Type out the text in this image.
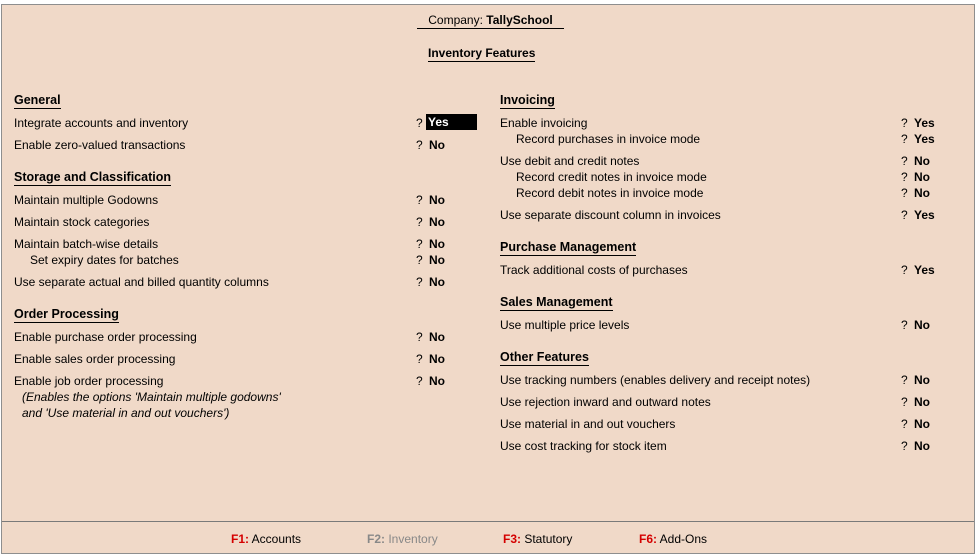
Company: TallySchool
Inventory Features
General
Integrate accounts and inventory	? Yes
Enable zero-valued transactions	? No
Storage and Classification
Maintain multiple Godowns	? No
Maintain stock categories	? No
Maintain batch-wise details	? No
Set expiry dates for batches	? No
Use separate actual and billed quantity columns	? No
Order Processing
Enable purchase order processing	? No
Enable sales order processing	? No
Enable job order processing	? No
(Enables the options 'Maintain multiple godowns'
and 'Use material in and out vouchers')
Invoicing
Enable invoicing	? Yes
Record purchases in invoice mode	? Yes
Use debit and credit notes	? No
Record credit notes in invoice mode	? No
Record debit notes in invoice mode	? No
Use separate discount column in invoices	? Yes
Purchase Management
Track additional costs of purchases	? Yes
Sales Management
Use multiple price levels	? No
Other Features
Use tracking numbers (enables delivery and receipt notes)	? No
Use rejection inward and outward notes	? No
Use material in and out vouchers	? No
Use cost tracking for stock item	? No
F1: Accounts	F2: Inventory	F3: Statutory	F6: Add-Ons
